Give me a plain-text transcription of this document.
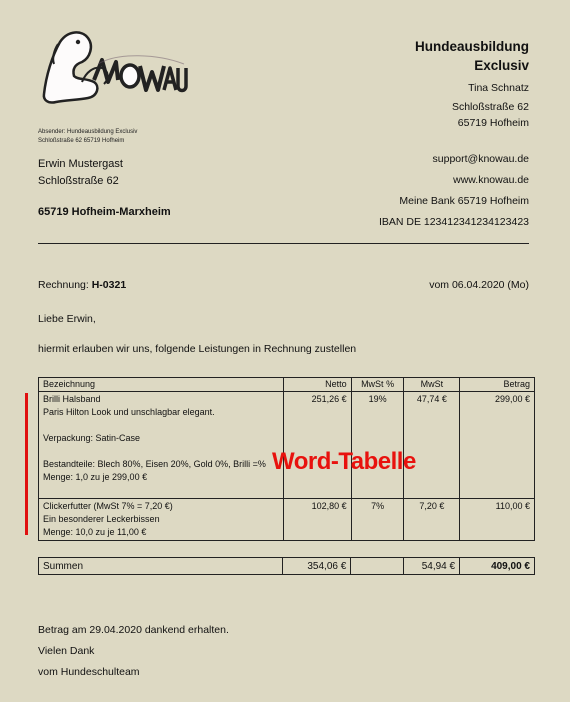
Absender: Hundeausbildung Exclusiv
Schloßstraße 62 65719 Hofheim
Erwin Mustergast
Schloßstraße 62
65719 Hofheim-Marxheim
Hundeausbildung
Exclusiv
Tina Schnatz
Schloßstraße 62
65719 Hofheim
support@knowau.de
www.knowau.de
Meine Bank 65719 Hofheim
IBAN DE 123412341234123423
Rechnung: H-0321	vom 06.04.2020 (Mo)
Liebe Erwin,
hiermit erlauben wir uns, folgende Leistungen in Rechnung zustellen
Bezeichnung	Netto	MwSt %	MwSt	Betrag

Brilli Halsband
Paris Hilton Look und unschlagbar elegant.
Verpackung: Satin-Case
Bestandteile: Blech 80%, Eisen 20%, Gold 0%, Brilli =%
Menge: 1,0 zu je 299,00 €	251,26 €	19%	47,74 €	299,00 €

Clickerfutter (MwSt 7% = 7,20 €)
Ein besonderer Leckerbissen
Menge: 10,0 zu je 11,00 €	102,80 €	7%	7,20 €	110,00 €
Word-Tabelle
Summen	354,06 €		54,94 €	409,00 €
Betrag am 29.04.2020 dankend erhalten.
Vielen Dank
vom Hundeschulteam
